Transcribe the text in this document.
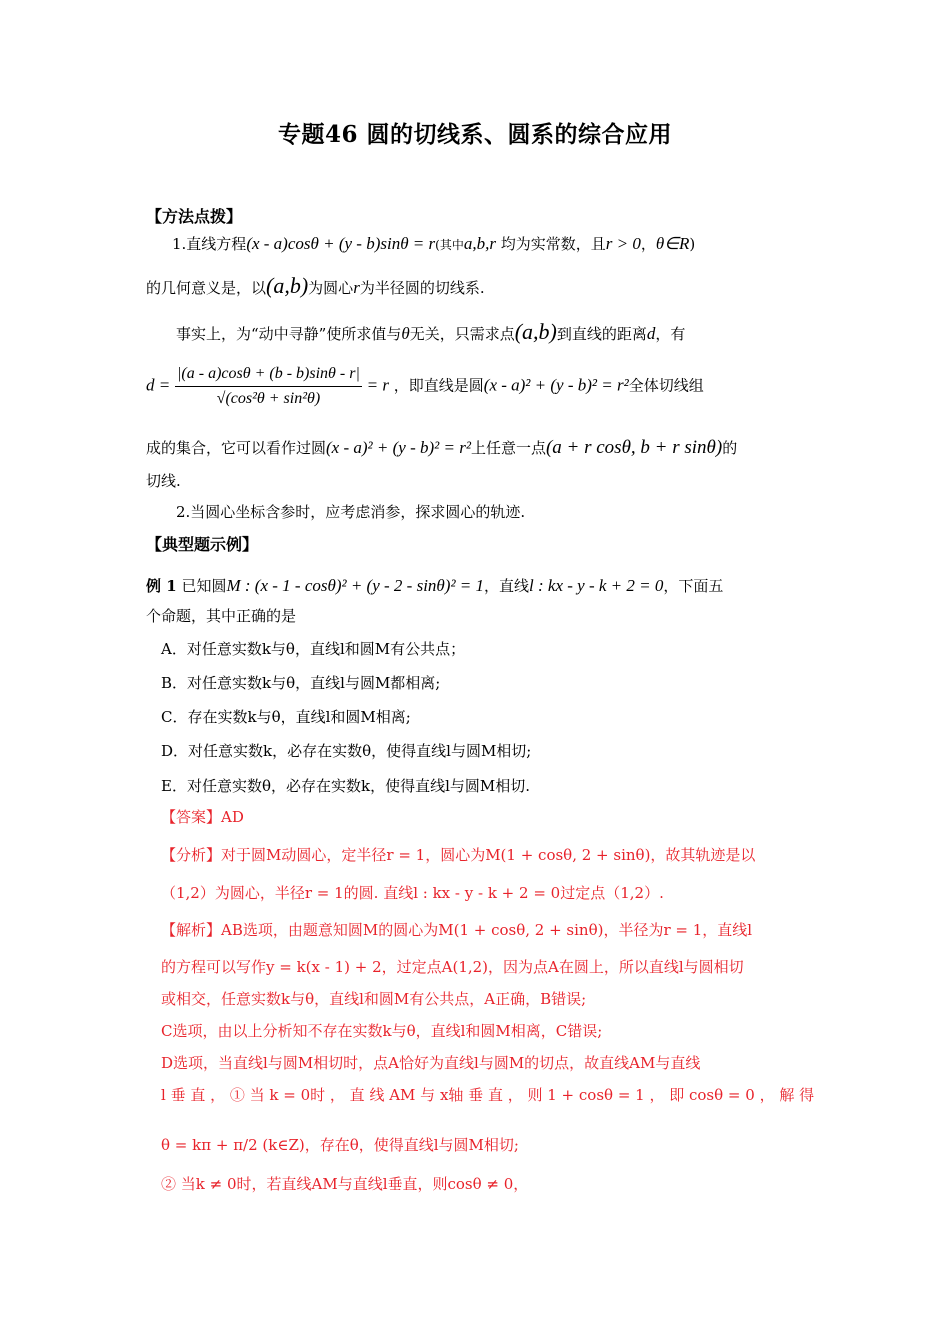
专题46 圆的切线系、圆系的综合应用
【方法点拨】
1.直线方程(x - a)cosθ + (y - b)sinθ = r(其中a,b,r 均为实常数，且r > 0，θ∈R)
的几何意义是，以(a,b)为圆心r为半径圆的切线系.
事实上，为“动中寻静”使所求值与θ无关，只需求点(a,b)到直线的距离d，有
$d = \frac{|(a - a)\cos\theta + (b - b)\sin\theta - r|}{\text{√(cos²θ + sin²θ)}} = r$ ，即直线是圆(x - a)² + (y - b)² = r²全体切线组
成的集合，它可以看作过圆(x - a)² + (y - b)² = r²上任意一点(a + r cosθ, b + r sinθ)的
切线.
2.当圆心坐标含参时，应考虑消参，探求圆心的轨迹.
【典型题示例】
例 1 已知圆M : (x - 1 - cosθ)² + (y - 2 - sinθ)² = 1，直线l : kx - y - k + 2 = 0，下面五
个命题，其中正确的是
A．对任意实数k与θ，直线l和圆M有公共点；
B．对任意实数k与θ，直线l与圆M都相离;
C．存在实数k与θ，直线l和圆M相离;
D．对任意实数k，必存在实数θ，使得直线l与圆M相切;
E．对任意实数θ，必存在实数k，使得直线l与圆M相切.
【答案】AD
【分析】对于圆M动圆心，定半径r = 1，圆心为M(1 + cosθ, 2 + sinθ)，故其轨迹是以
（1,2）为圆心，半径r = 1的圆. 直线l : kx - y - k + 2 = 0过定点（1,2）.
【解析】AB选项，由题意知圆M的圆心为M(1 + cosθ, 2 + sinθ)，半径为r = 1，直线l
的方程可以写作y = k(x - 1) + 2，过定点A(1,2)，因为点A在圆上，所以直线l与圆相切
或相交，任意实数k与θ，直线l和圆M有公共点，A正确，B错误;
C选项，由以上分析知不存在实数k与θ，直线l和圆M相离，C错误;
D选项，当直线l与圆M相切时，点A恰好为直线l与圆M的切点，故直线AM与直线
l 垂 直 ， ① 当 k = 0时 ， 直 线 AM 与 x轴 垂 直 ， 则 1 + cosθ = 1 ， 即 cosθ = 0 ， 解 得
θ = kπ + π/2 (k∈Z)，存在θ，使得直线l与圆M相切;
② 当k ≠ 0时，若直线AM与直线l垂直，则cosθ ≠ 0，
